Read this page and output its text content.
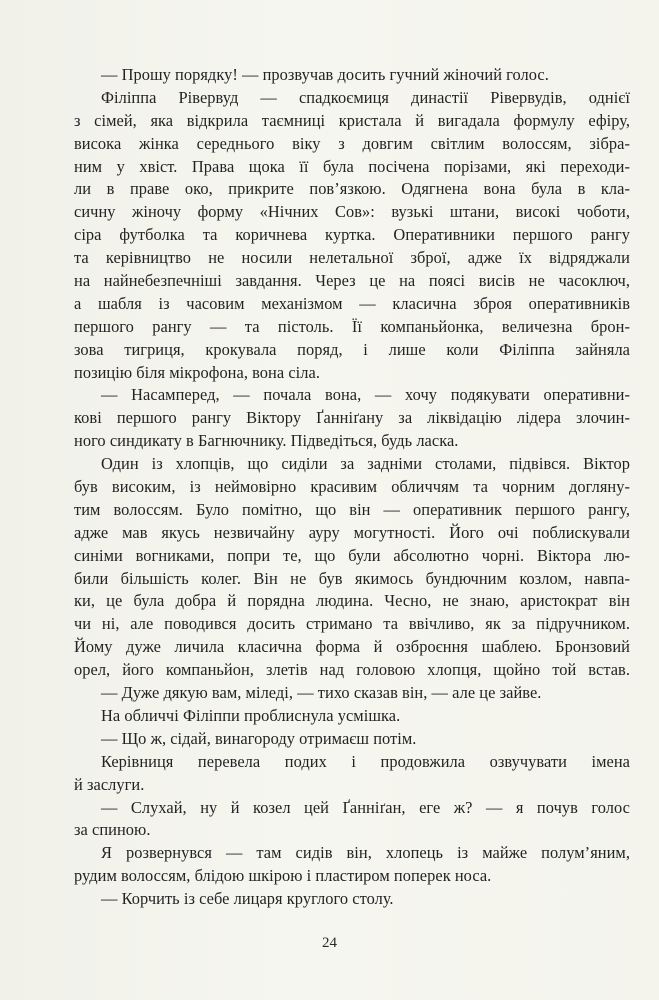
— Прошу порядку! — прозвучав досить гучний жіночий голос.
Філіппа Рівервуд — спадкоємиця династії Рівервудів, однієї
з сімей, яка відкрила таємниці кристала й вигадала формулу ефіру,
висока жінка середнього віку з довгим світлим волоссям, зібра-
ним у хвіст. Права щока її була посічена порізами, які переходи-
ли в праве око, прикрите пов’язкою. Одягнена вона була в кла-
сичну жіночу форму «Нічних Сов»: вузькі штани, високі чоботи,
сіра футболка та коричнева куртка. Оперативники першого рангу
та керівництво не носили нелетальної зброї, адже їх відряджали
на найнебезпечніші завдання. Через це на поясі висів не часоключ,
а шабля із часовим механізмом — класична зброя оперативників
першого рангу — та пістоль. Її компаньйонка, величезна брон-
зова тигриця, крокувала поряд, і лише коли Філіппа зайняла
позицію біля мікрофона, вона сіла.
— Насамперед, — почала вона, — хочу подякувати оперативни-
кові першого рангу Віктору Ґанніґану за ліквідацію лідера злочин-
ного синдикату в Багнючнику. Підведіться, будь ласка.
Один із хлопців, що сиділи за задніми столами, підвівся. Віктор
був високим, із неймовірно красивим обличчям та чорним догляну-
тим волоссям. Було помітно, що він — оперативник першого рангу,
адже мав якусь незвичайну ауру могутності. Його очі поблискували
синіми вогниками, попри те, що були абсолютно чорні. Віктора лю-
били більшість колег. Він не був якимось бундючним козлом, навпа-
ки, це була добра й порядна людина. Чесно, не знаю, аристократ він
чи ні, але поводився досить стримано та ввічливо, як за підручником.
Йому дуже личила класична форма й озброєння шаблею. Бронзовий
орел, його компаньйон, злетів над головою хлопця, щойно той встав.
— Дуже дякую вам, міледі, — тихо сказав він, — але це зайве.
На обличчі Філіппи проблиснула усмішка.
— Що ж, сідай, винагороду отримаєш потім.
Керівниця перевела подих і продовжила озвучувати імена
й заслуги.
— Слухай, ну й козел цей Ґанніґан, еге ж? — я почув голос
за спиною.
Я розвернувся — там сидів він, хлопець із майже полум’яним,
рудим волоссям, блідою шкірою і пластиром поперек носа.
— Корчить із себе лицаря круглого столу.
24
